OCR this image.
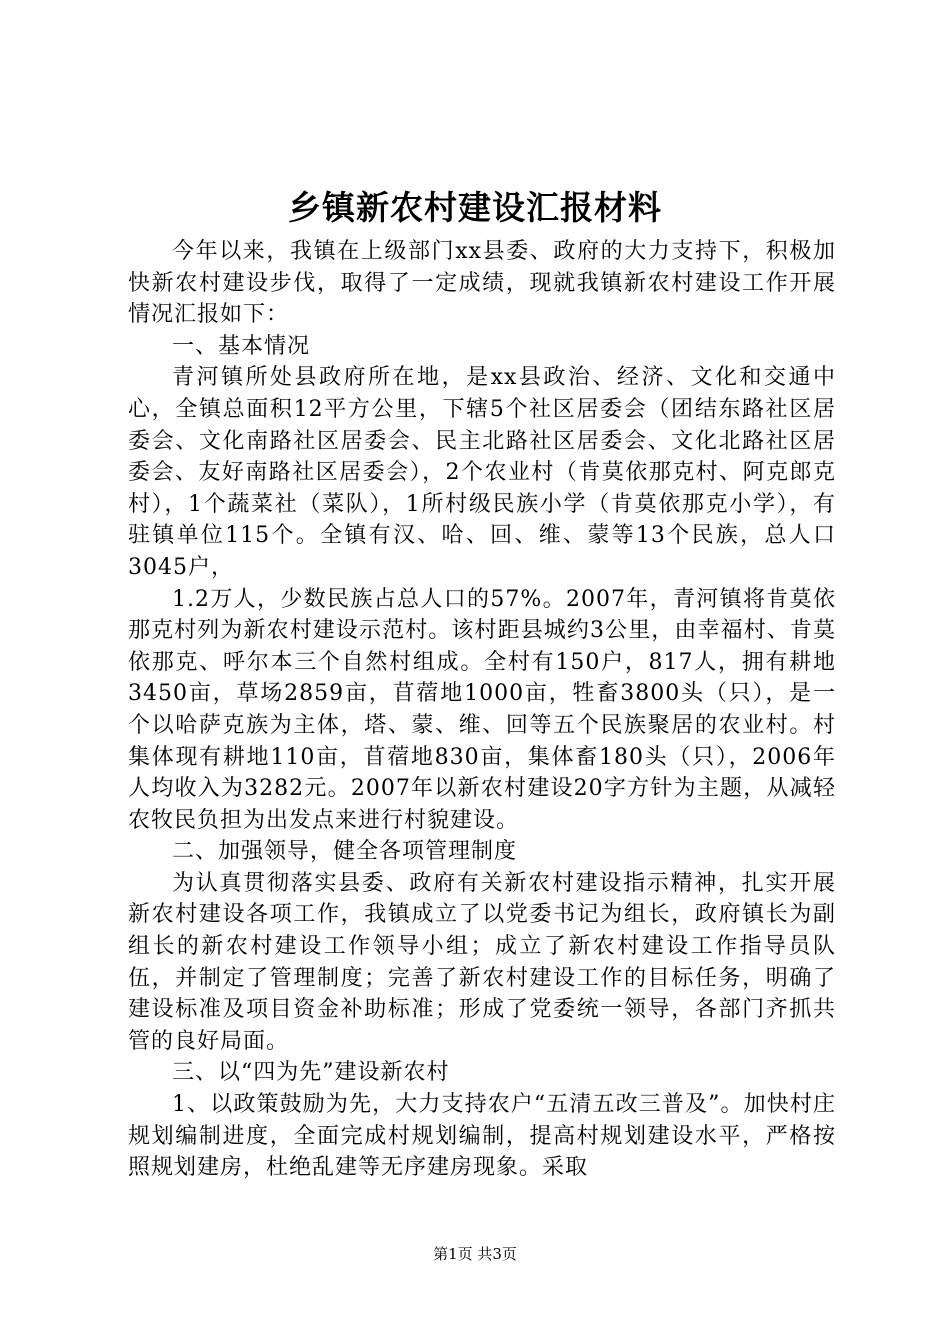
乡镇新农村建设汇报材料

今年以来，我镇在上级部门xx县委、政府的大力支持下，积极加快新农村建设步伐，取得了一定成绩，现就我镇新农村建设工作开展情况汇报如下：

一、基本情况

青河镇所处县政府所在地，是xx县政治、经济、文化和交通中心，全镇总面积12平方公里，下辖5个社区居委会（团结东路社区居委会、文化南路社区居委会、民主北路社区居委会、文化北路社区居委会、友好南路社区居委会），2个农业村（肯莫依那克村、阿克郎克村），1个蔬菜社（菜队），1所村级民族小学（肯莫依那克小学），有驻镇单位115个。全镇有汉、哈、回、维、蒙等13个民族，总人口3045户，

1.2万人，少数民族占总人口的57%。2007年，青河镇将肯莫依那克村列为新农村建设示范村。该村距县城约3公里，由幸福村、肯莫依那克、呼尔本三个自然村组成。全村有150户，817人，拥有耕地3450亩，草场2859亩，苜蓿地1000亩，牲畜3800头（只），是一个以哈萨克族为主体，塔、蒙、维、回等五个民族聚居的农业村。村集体现有耕地110亩，苜蓿地830亩，集体畜180头（只），2006年人均收入为3282元。2007年以新农村建设20字方针为主题，从减轻农牧民负担为出发点来进行村貌建设。

二、加强领导，健全各项管理制度

为认真贯彻落实县委、政府有关新农村建设指示精神，扎实开展新农村建设各项工作，我镇成立了以党委书记为组长，政府镇长为副组长的新农村建设工作领导小组；成立了新农村建设工作指导员队伍，并制定了管理制度；完善了新农村建设工作的目标任务，明确了建设标准及项目资金补助标准；形成了党委统一领导，各部门齐抓共管的良好局面。

三、以“四为先”建设新农村

1、以政策鼓励为先，大力支持农户“五清五改三普及”。加快村庄规划编制进度，全面完成村规划编制，提高村规划建设水平，严格按照规划建房，杜绝乱建等无序建房现象。采取

第1页 共3页
